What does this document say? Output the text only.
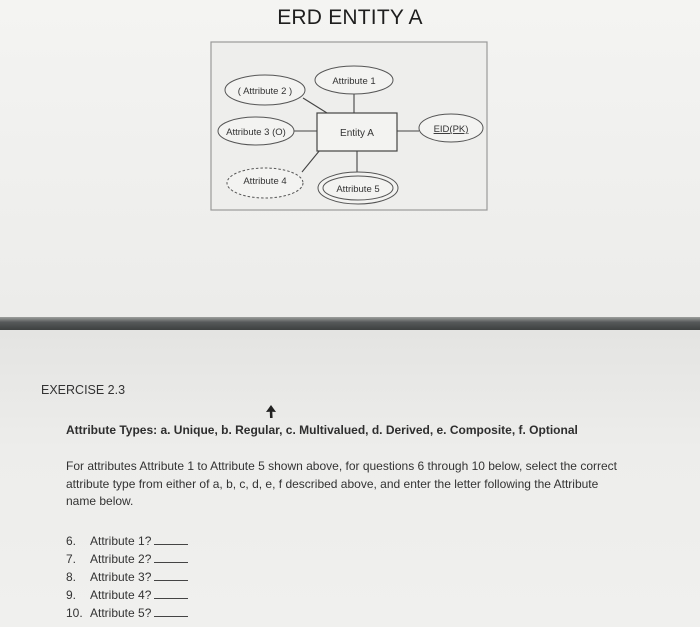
ERD ENTITY A
Entity A
Attribute 1
( Attribute 2 )
Attribute 3 (O)	EID(PK)
Attribute 4
Attribute 5
EXERCISE 2.3
Attribute Types: a. Unique, b. Regular, c. Multivalued, d. Derived, e. Composite, f. Optional
For attributes Attribute 1 to Attribute 5 shown above, for questions 6 through 10 below, select the correct attribute type from either of a, b, c, d, e, f described above, and enter the letter following the Attribute name below.
6.	Attribute 1?
7.	Attribute 2?
8.	Attribute 3?
9.	Attribute 4?
10. Attribute 5?
